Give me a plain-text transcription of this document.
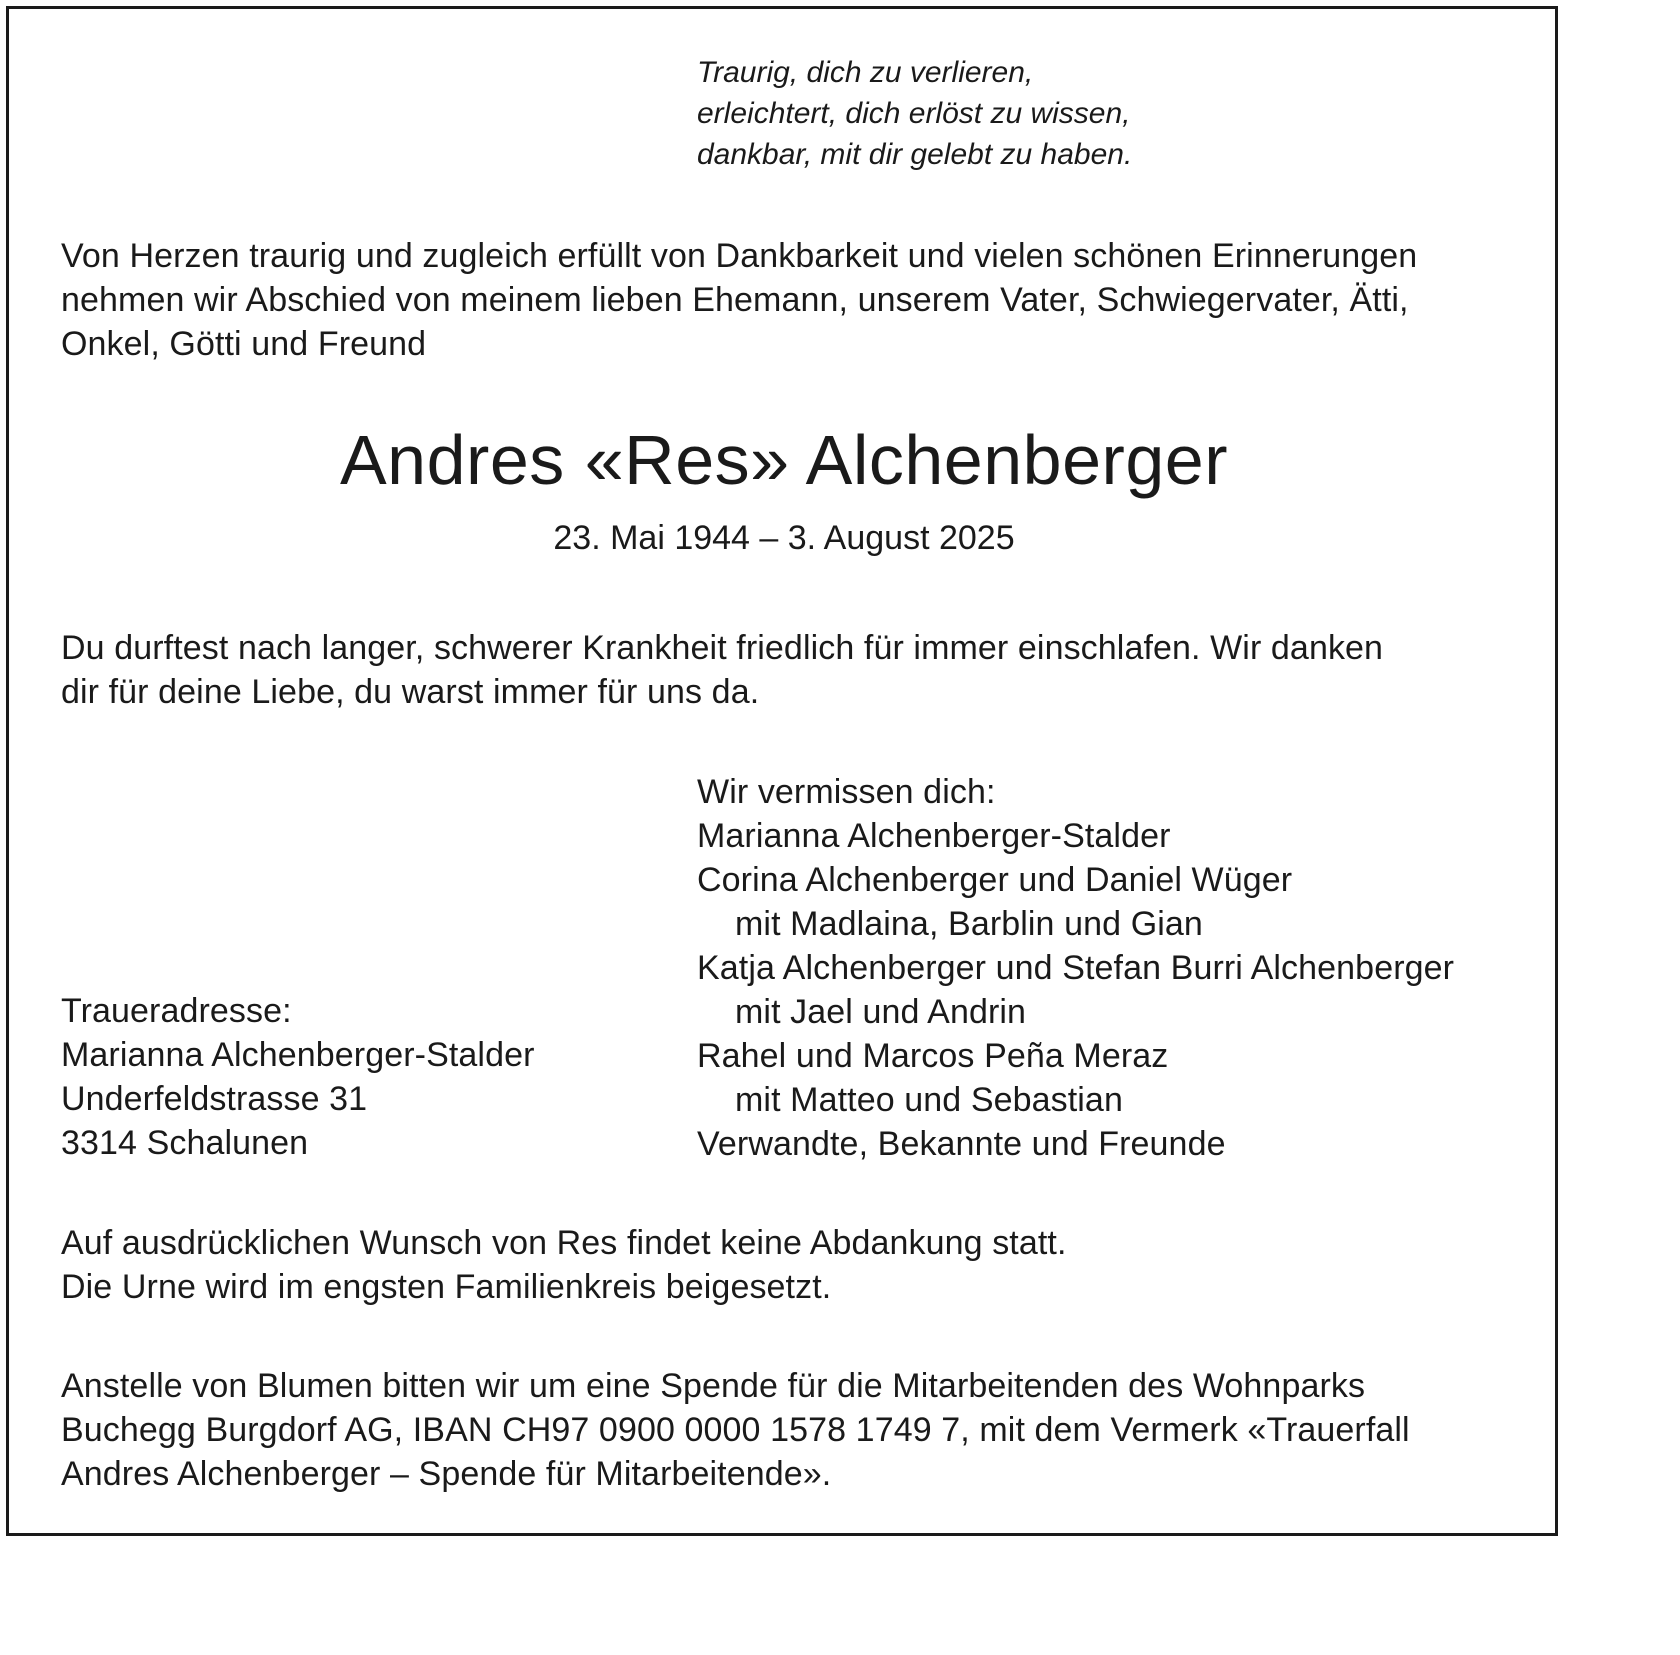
Traurig, dich zu verlieren,
erleichtert, dich erlöst zu wissen,
dankbar, mit dir gelebt zu haben.
Von Herzen traurig und zugleich erfüllt von Dankbarkeit und vielen schönen Erinnerungen
nehmen wir Abschied von meinem lieben Ehemann, unserem Vater, Schwiegervater, Ätti,
Onkel, Götti und Freund
Andres «Res» Alchenberger
23. Mai 1944 – 3. August 2025
Du durftest nach langer, schwerer Krankheit friedlich für immer einschlafen. Wir danken
dir für deine Liebe, du warst immer für uns da.
Wir vermissen dich:
Marianna Alchenberger-Stalder
Corina Alchenberger und Daniel Wüger
mit Madlaina, Barblin und Gian
Katja Alchenberger und Stefan Burri Alchenberger
mit Jael und Andrin
Rahel und Marcos Peña Meraz
mit Matteo und Sebastian
Verwandte, Bekannte und Freunde
Traueradresse:
Marianna Alchenberger-Stalder
Underfeldstrasse 31
3314 Schalunen
Auf ausdrücklichen Wunsch von Res findet keine Abdankung statt.
Die Urne wird im engsten Familienkreis beigesetzt.
Anstelle von Blumen bitten wir um eine Spende für die Mitarbeitenden des Wohnparks
Buchegg Burgdorf AG, IBAN CH97 0900 0000 1578 1749 7, mit dem Vermerk «Trauerfall
Andres Alchenberger – Spende für Mitarbeitende».
